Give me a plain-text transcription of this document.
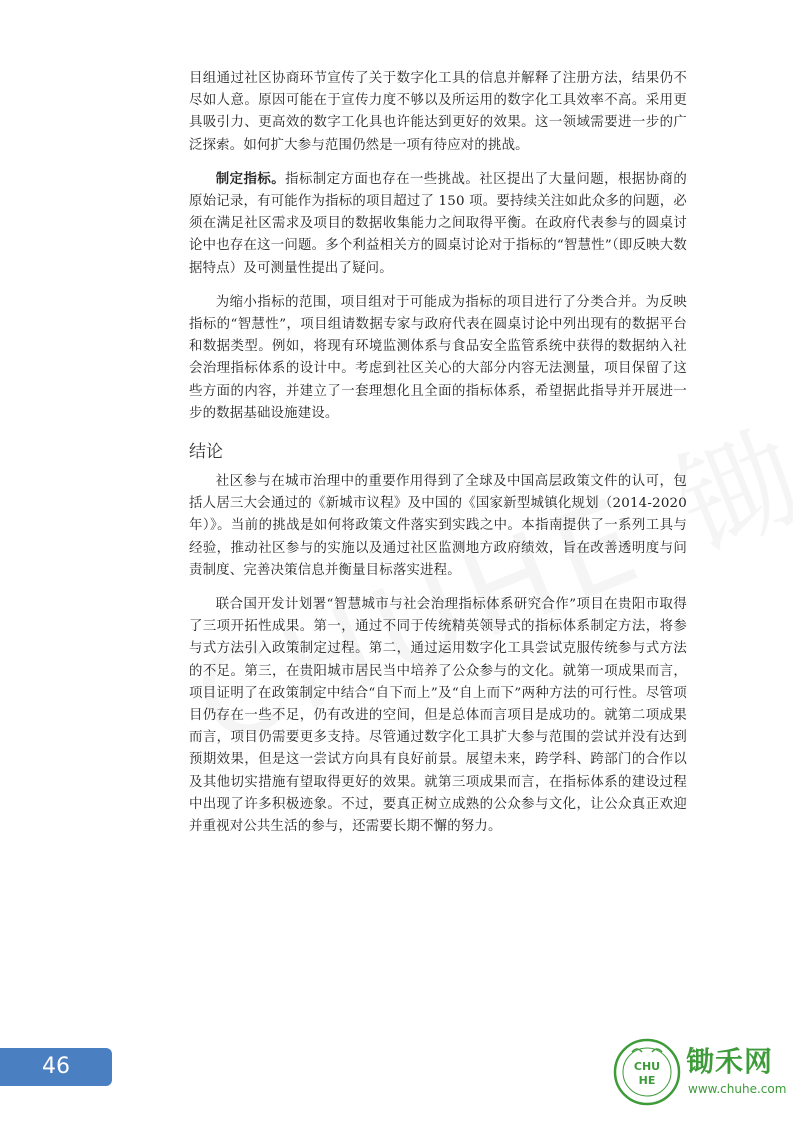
目组通过社区协商环节宣传了关于数字化工具的信息并解释了注册方法，结果仍不尽如人意。原因可能在于宣传力度不够以及所运用的数字化工具效率不高。采用更具吸引力、更高效的数字工化具也许能达到更好的效果。这一领域需要进一步的广泛探索。如何扩大参与范围仍然是一项有待应对的挑战。

制定指标。指标制定方面也存在一些挑战。社区提出了大量问题，根据协商的原始记录，有可能作为指标的项目超过了 150 项。要持续关注如此众多的问题，必须在满足社区需求及项目的数据收集能力之间取得平衡。在政府代表参与的圆桌讨论中也存在这一问题。多个利益相关方的圆桌讨论对于指标的“智慧性”（即反映大数据特点）及可测量性提出了疑问。

为缩小指标的范围，项目组对于可能成为指标的项目进行了分类合并。为反映指标的“智慧性”，项目组请数据专家与政府代表在圆桌讨论中列出现有的数据平台和数据类型。例如，将现有环境监测体系与食品安全监管系统中获得的数据纳入社会治理指标体系的设计中。考虑到社区关心的大部分内容无法测量，项目保留了这些方面的内容，并建立了一套理想化且全面的指标体系，希望据此指导并开展进一步的数据基础设施建设。

结论

社区参与在城市治理中的重要作用得到了全球及中国高层政策文件的认可，包括人居三大会通过的《新城市议程》及中国的《国家新型城镇化规划（2014-2020 年）》。当前的挑战是如何将政策文件落实到实践之中。本指南提供了一系列工具与经验，推动社区参与的实施以及通过社区监测地方政府绩效，旨在改善透明度与问责制度、完善决策信息并衡量目标落实进程。

联合国开发计划署“智慧城市与社会治理指标体系研究合作”项目在贵阳市取得了三项开拓性成果。第一，通过不同于传统精英领导式的指标体系制定方法，将参与式方法引入政策制定过程。第二，通过运用数字化工具尝试克服传统参与式方法的不足。第三，在贵阳城市居民当中培养了公众参与的文化。就第一项成果而言，项目证明了在政策制定中结合“自下而上”及“自上而下”两种方法的可行性。尽管项目仍存在一些不足，仍有改进的空间，但是总体而言项目是成功的。就第二项成果而言，项目仍需要更多支持。尽管通过数字化工具扩大参与范围的尝试并没有达到预期效果，但是这一尝试方向具有良好前景。展望未来，跨学科、跨部门的合作以及其他切实措施有望取得更好的效果。就第三项成果而言，在指标体系的建设过程中出现了许多积极迹象。不过，要真正树立成熟的公众参与文化，让公众真正欢迎并重视对公共生活的参与，还需要长期不懈的努力。

46	CHU
HE
锄禾网
www.chuhe.com
